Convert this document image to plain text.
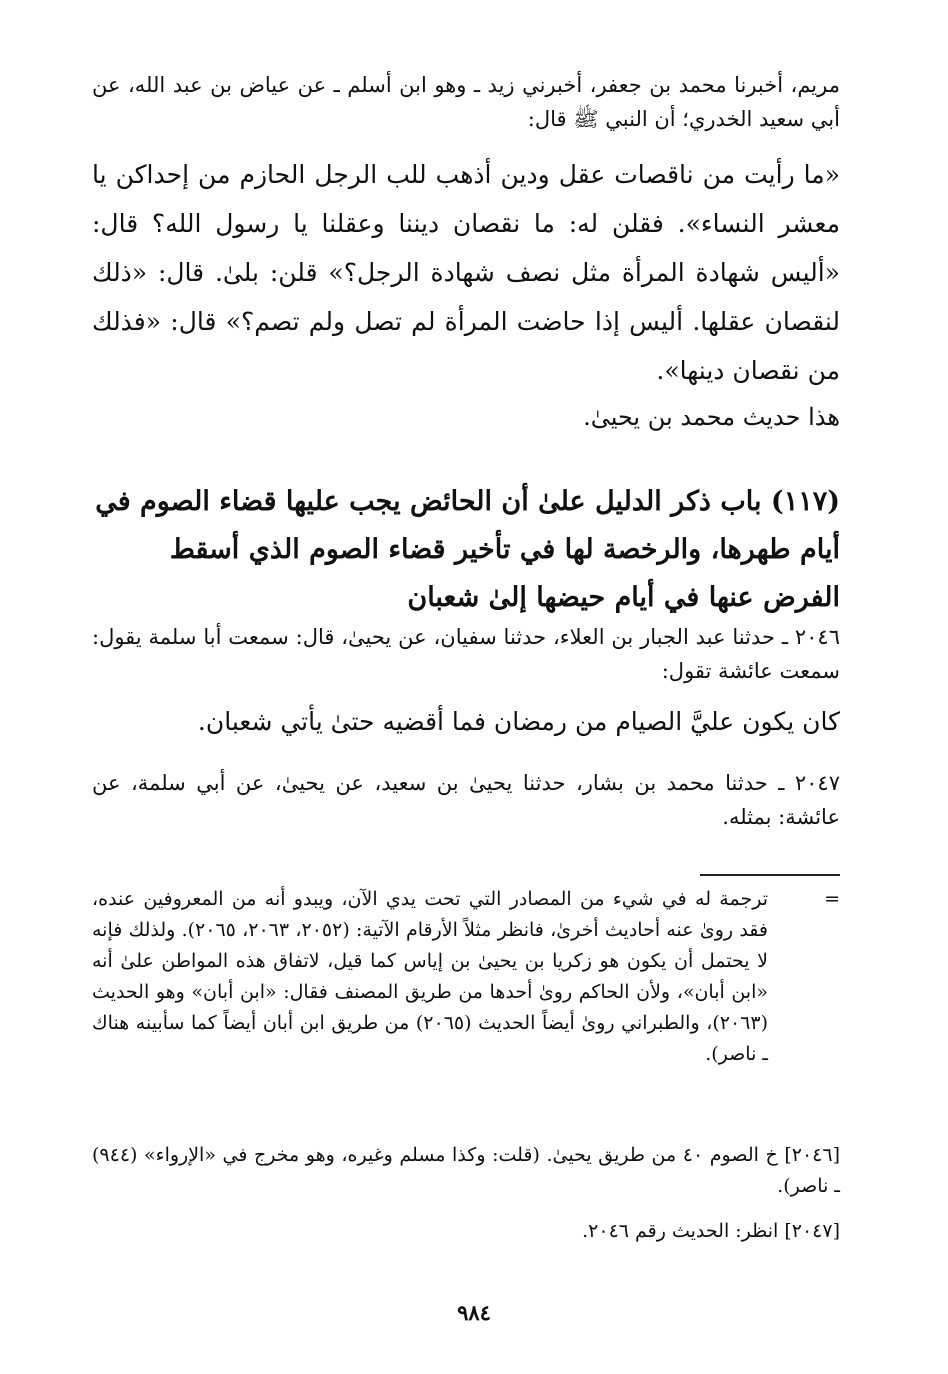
مريم، أخبرنا محمد بن جعفر، أخبرني زيد ـ وهو ابن أسلم ـ عن عياض بن عبد الله، عن أبي سعيد الخدري؛ أن النبي ﷺ قال:

«ما رأيت من ناقصات عقل ودين أذهب للب الرجل الحازم من إحداكن يا معشر النساء». فقلن له: ما نقصان ديننا وعقلنا يا رسول الله؟ قال: «أليس شهادة المرأة مثل نصف شهادة الرجل؟» قلن: بلىٰ. قال: «ذلك لنقصان عقلها. أليس إذا حاضت المرأة لم تصل ولم تصم؟» قال: «فذلك من نقصان دينها».

هذا حديث محمد بن يحيىٰ.

(١١٧) باب ذكر الدليل علىٰ أن الحائض يجب عليها قضاء الصوم في أيام طهرها، والرخصة لها في تأخير قضاء الصوم الذي أسقط الفرض عنها في أيام حيضها إلىٰ شعبان

٢٠٤٦ ـ حدثنا عبد الجبار بن العلاء، حدثنا سفيان، عن يحيىٰ، قال: سمعت أبا سلمة يقول: سمعت عائشة تقول:

كان يكون عليَّ الصيام من رمضان فما أقضيه حتىٰ يأتي شعبان.

٢٠٤٧ ـ حدثنا محمد بن بشار، حدثنا يحيىٰ بن سعيد، عن يحيىٰ، عن أبي سلمة، عن عائشة: بمثله.

=
ترجمة له في شيء من المصادر التي تحت يدي الآن، ويبدو أنه من المعروفين عنده، فقد روىٰ عنه أحاديث أخرىٰ، فانظر مثلاً الأرقام الآتية: (٢٠٥٢، ٢٠٦٣، ٢٠٦٥). ولذلك فإنه لا يحتمل أن يكون هو زكريا بن يحيىٰ بن إياس كما قيل، لاتفاق هذه المواطن علىٰ أنه «ابن أبان»، ولأن الحاكم روىٰ أحدها من طريق المصنف فقال: «ابن أبان» وهو الحديث (٢٠٦٣)، والطبراني روىٰ أيضاً الحديث (٢٠٦٥) من طريق ابن أبان أيضاً كما سأبينه هناك ـ ناصر).

[٢٠٤٦] خ الصوم ٤٠ من طريق يحيىٰ. (قلت: وكذا مسلم وغيره، وهو مخرج في «الإرواء» (٩٤٤) ـ ناصر).

[٢٠٤٧] انظر: الحديث رقم ٢٠٤٦.

٩٨٤
